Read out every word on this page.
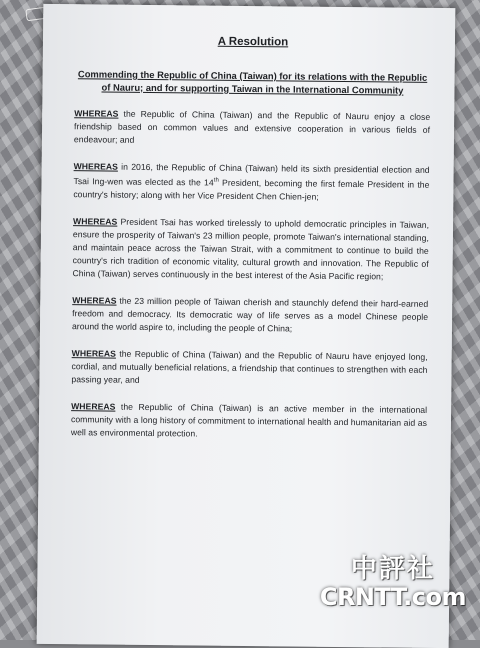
A Resolution
Commending the Republic of China (Taiwan) for its relations with the Republic of Nauru; and for supporting Taiwan in the International Community

WHEREAS the Republic of China (Taiwan) and the Republic of Nauru enjoy a close friendship based on common values and extensive cooperation in various fields of endeavour; and

WHEREAS in 2016, the Republic of China (Taiwan) held its sixth presidential election and Tsai Ing-wen was elected as the 14th President, becoming the first female President in the country's history; along with her Vice President Chen Chien-jen;

WHEREAS President Tsai has worked tirelessly to uphold democratic principles in Taiwan, ensure the prosperity of Taiwan's 23 million people, promote Taiwan's international standing, and maintain peace across the Taiwan Strait, with a commitment to continue to build the country's rich tradition of economic vitality, cultural growth and innovation. The Republic of China (Taiwan) serves continuously in the best interest of the Asia Pacific region;

WHEREAS the 23 million people of Taiwan cherish and staunchly defend their hard-earned freedom and democracy. Its democratic way of life serves as a model Chinese people around the world aspire to, including the people of China;

WHEREAS the Republic of China (Taiwan) and the Republic of Nauru have enjoyed long, cordial, and mutually beneficial relations, a friendship that continues to strengthen with each passing year, and

WHEREAS the Republic of China (Taiwan) is an active member in the international community with a long history of commitment to international health and humanitarian aid as well as environmental protection.

中評社
CRNTT.com
